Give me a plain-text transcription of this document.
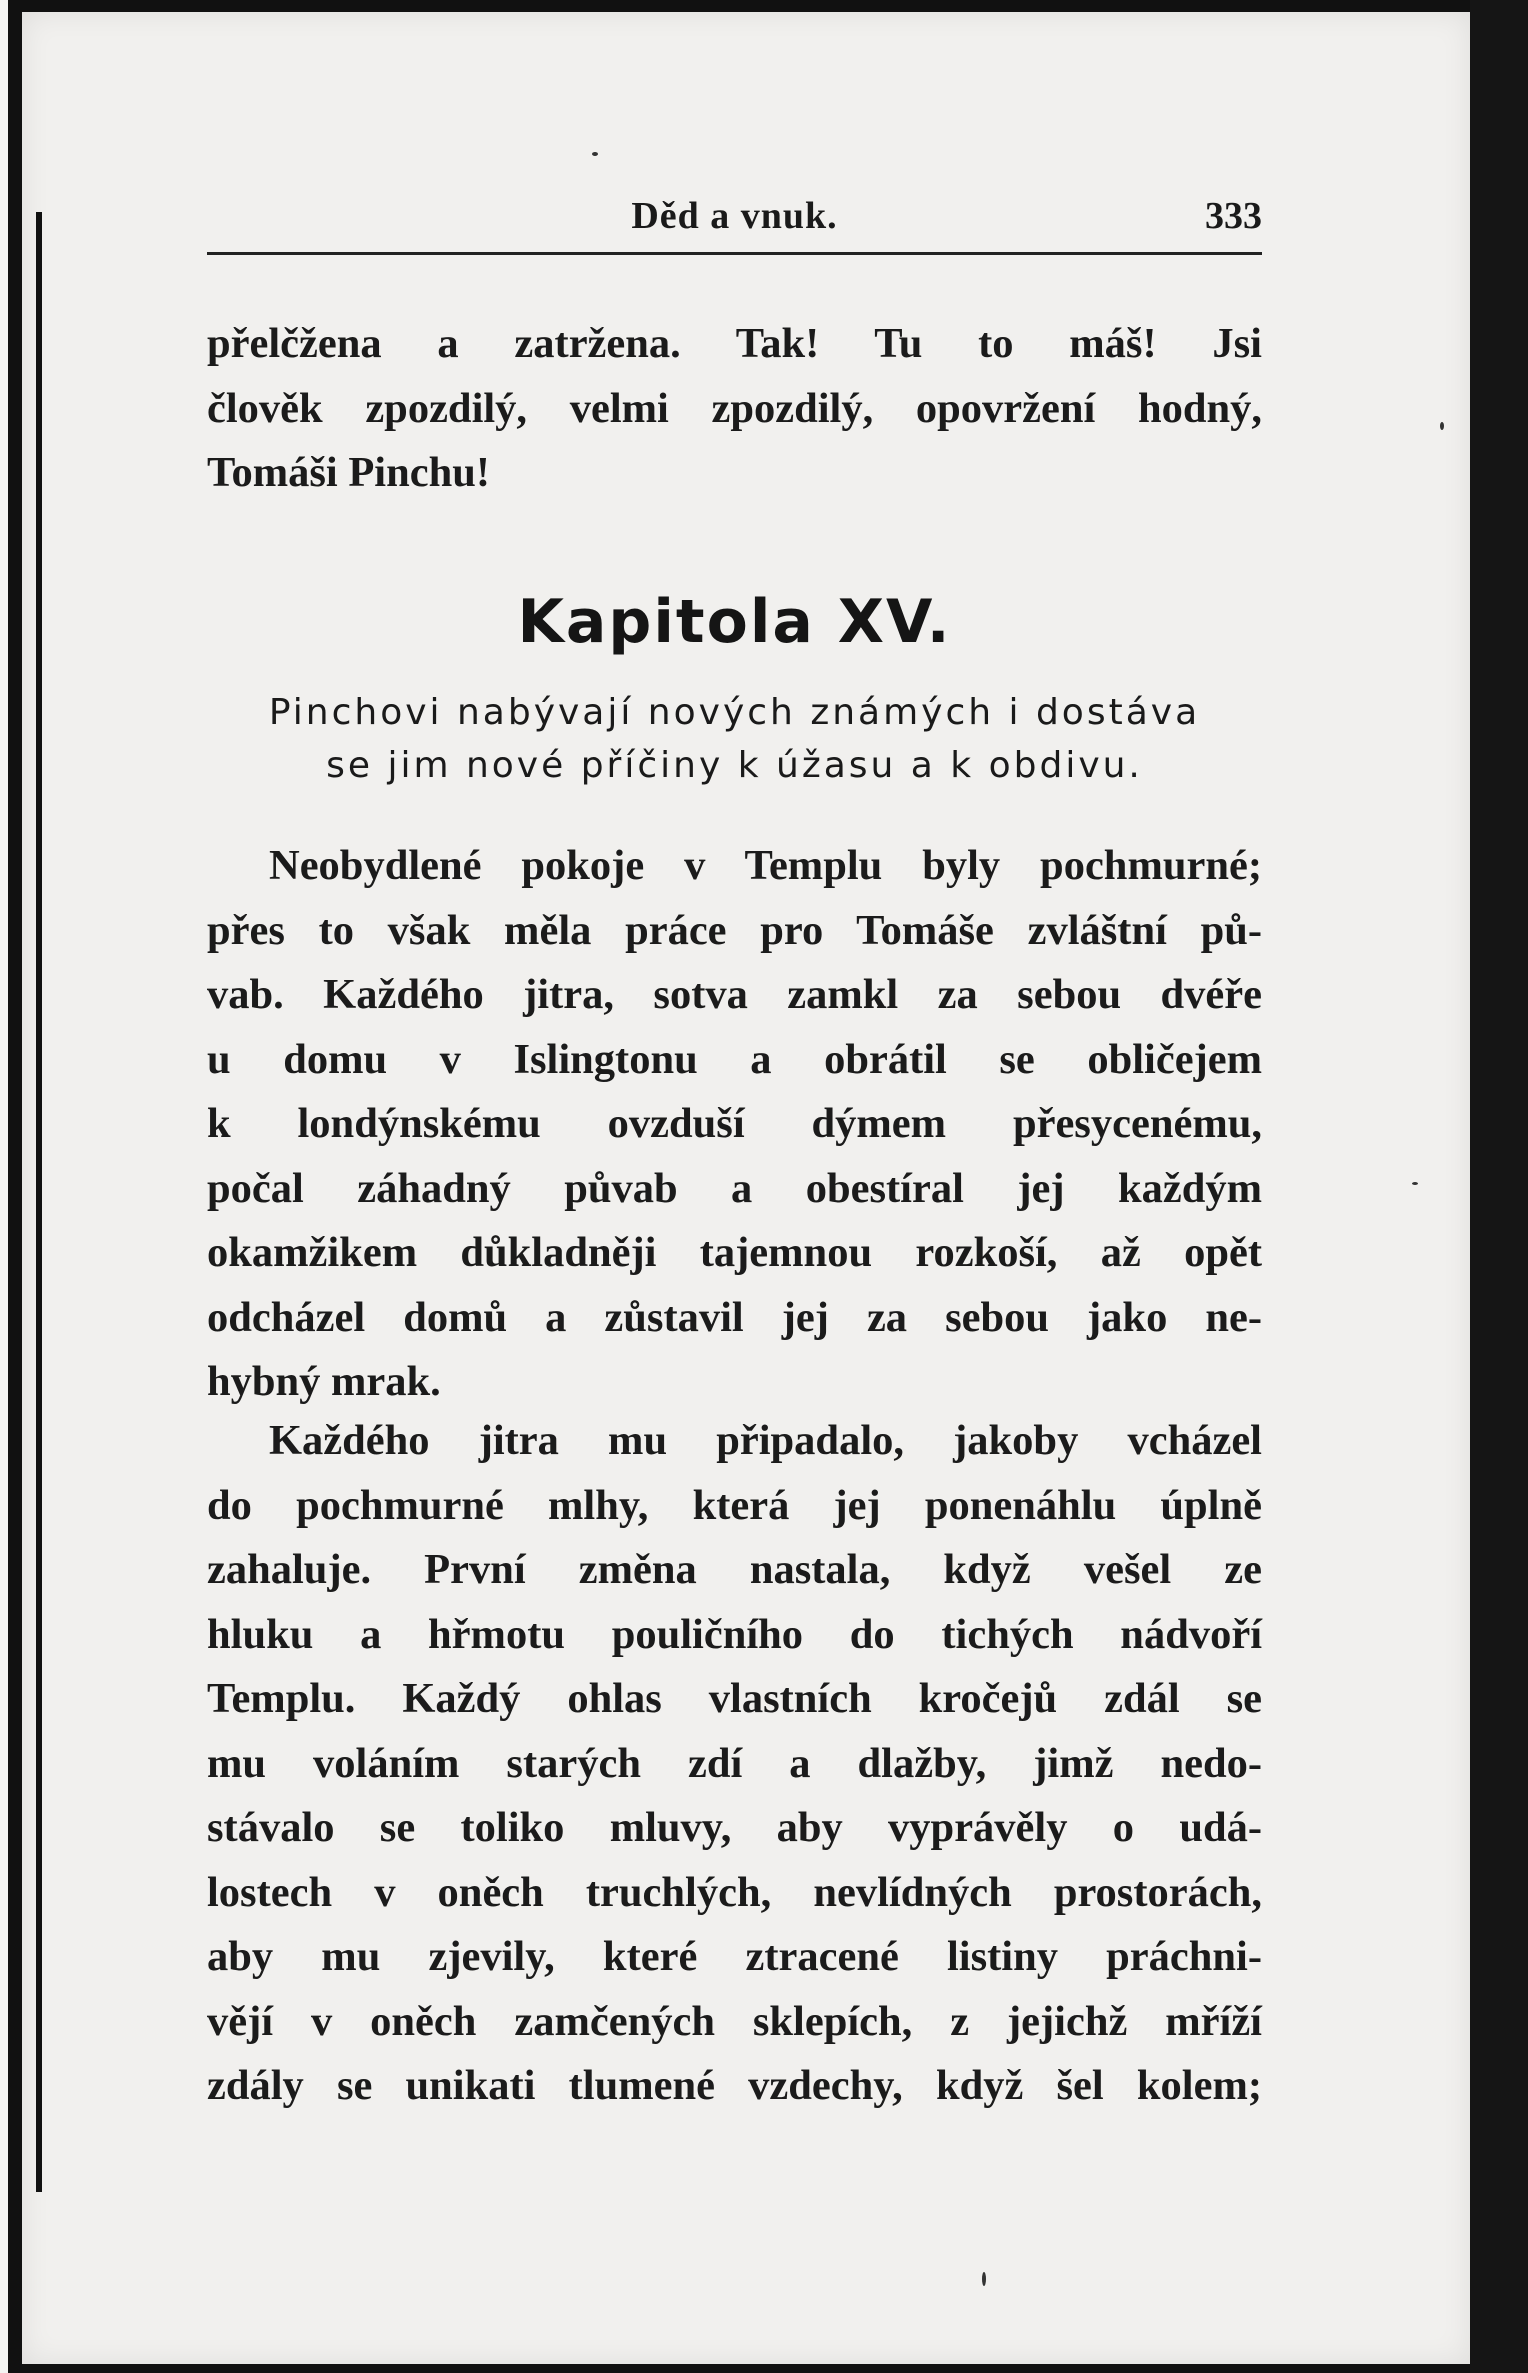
Děd a vnuk.	333
přelčžena a zatržena. Tak! Tu to máš! Jsi
člověk zpozdilý, velmi zpozdilý, opovržení hodný,
Tomáši Pinchu!
Kapitola XV.
Pinchovi nabývají nových známých i dostáva
se jim nové příčiny k úžasu a k obdivu.
Neobydlené pokoje v Templu byly pochmurné;
přes to však měla práce pro Tomáše zvláštní pů-
vab. Každého jitra, sotva zamkl za sebou dvéře
u domu v Islingtonu a obrátil se obličejem
k londýnskému ovzduší dýmem přesycenému,
počal záhadný půvab a obestíral jej každým
okamžikem důkladněji tajemnou rozkoší, až opět
odcházel domů a zůstavil jej za sebou jako ne-
hybný mrak.
Každého jitra mu připadalo, jakoby vcházel
do pochmurné mlhy, která jej ponenáhlu úplně
zahaluje. První změna nastala, když vešel ze
hluku a hřmotu pouličního do tichých nádvoří
Templu. Každý ohlas vlastních kročejů zdál se
mu voláním starých zdí a dlažby, jimž nedo-
stávalo se toliko mluvy, aby vyprávěly o udá-
lostech v oněch truchlých, nevlídných prostorách,
aby mu zjevily, které ztracené listiny práchni-
vějí v oněch zamčených sklepích, z jejichž mříží
zdály se unikati tlumené vzdechy, když šel kolem;
